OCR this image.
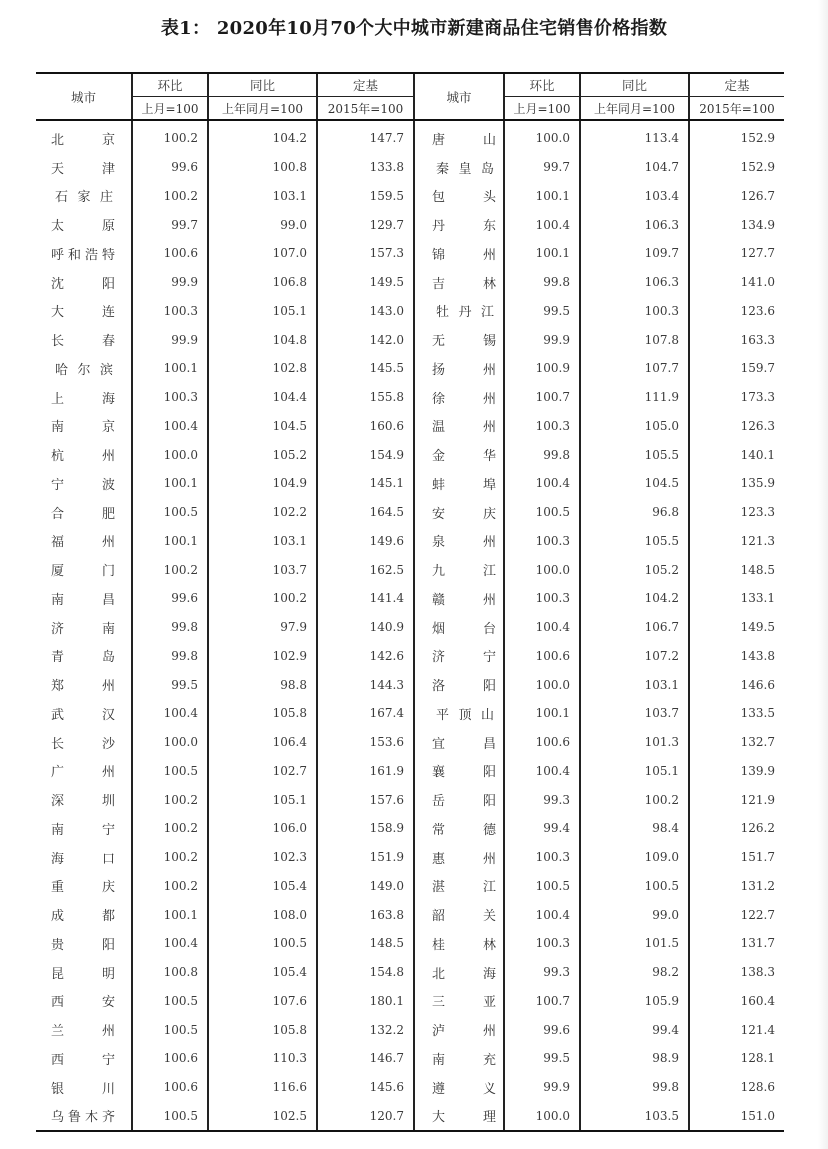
表1： 2020年10月70个大中城市新建商品住宅销售价格指数
城市	环比	同比	定基	城市	环比	同比	定基
	上月=100	上年同月=100	2015年=100		上月=100	上年同月=100	2015年=100
北京	100.2	104.2	147.7	唐山	100.0	113.4	152.9
天津	99.6	100.8	133.8	秦皇岛	99.7	104.7	152.9
石家庄	100.2	103.1	159.5	包头	100.1	103.4	126.7
太原	99.7	99.0	129.7	丹东	100.4	106.3	134.9
呼和浩特	100.6	107.0	157.3	锦州	100.1	109.7	127.7
沈阳	99.9	106.8	149.5	吉林	99.8	106.3	141.0
大连	100.3	105.1	143.0	牡丹江	99.5	100.3	123.6
长春	99.9	104.8	142.0	无锡	99.9	107.8	163.3
哈尔滨	100.1	102.8	145.5	扬州	100.9	107.7	159.7
上海	100.3	104.4	155.8	徐州	100.7	111.9	173.3
南京	100.4	104.5	160.6	温州	100.3	105.0	126.3
杭州	100.0	105.2	154.9	金华	99.8	105.5	140.1
宁波	100.1	104.9	145.1	蚌埠	100.4	104.5	135.9
合肥	100.5	102.2	164.5	安庆	100.5	96.8	123.3
福州	100.1	103.1	149.6	泉州	100.3	105.5	121.3
厦门	100.2	103.7	162.5	九江	100.0	105.2	148.5
南昌	99.6	100.2	141.4	赣州	100.3	104.2	133.1
济南	99.8	97.9	140.9	烟台	100.4	106.7	149.5
青岛	99.8	102.9	142.6	济宁	100.6	107.2	143.8
郑州	99.5	98.8	144.3	洛阳	100.0	103.1	146.6
武汉	100.4	105.8	167.4	平顶山	100.1	103.7	133.5
长沙	100.0	106.4	153.6	宜昌	100.6	101.3	132.7
广州	100.5	102.7	161.9	襄阳	100.4	105.1	139.9
深圳	100.2	105.1	157.6	岳阳	99.3	100.2	121.9
南宁	100.2	106.0	158.9	常德	99.4	98.4	126.2
海口	100.2	102.3	151.9	惠州	100.3	109.0	151.7
重庆	100.2	105.4	149.0	湛江	100.5	100.5	131.2
成都	100.1	108.0	163.8	韶关	100.4	99.0	122.7
贵阳	100.4	100.5	148.5	桂林	100.3	101.5	131.7
昆明	100.8	105.4	154.8	北海	99.3	98.2	138.3
西安	100.5	107.6	180.1	三亚	100.7	105.9	160.4
兰州	100.5	105.8	132.2	泸州	99.6	99.4	121.4
西宁	100.6	110.3	146.7	南充	99.5	98.9	128.1
银川	100.6	116.6	145.6	遵义	99.9	99.8	128.6
乌鲁木齐	100.5	102.5	120.7	大理	100.0	103.5	151.0
